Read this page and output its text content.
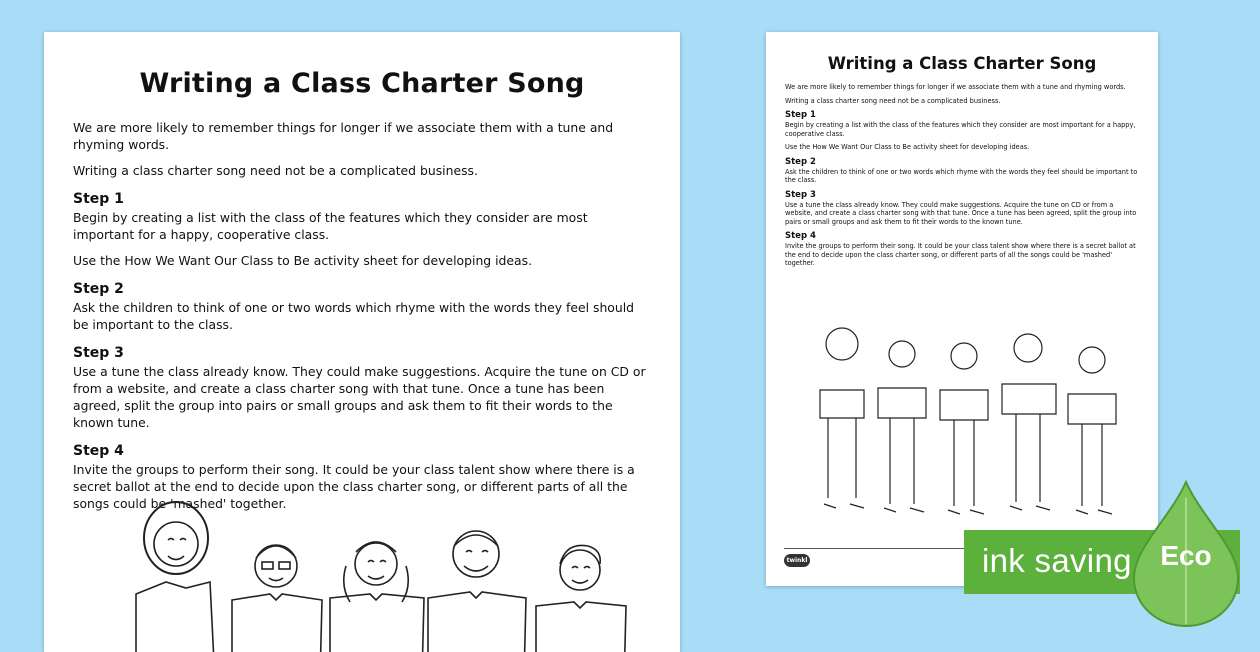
Writing a Class Charter Song

We are more likely to remember things for longer if we associate them with a tune and rhyming words.

Writing a class charter song need not be a complicated business.

Step 1

Begin by creating a list with the class of the features which they consider are most important for a happy, cooperative class.

Use the How We Want Our Class to Be activity sheet for developing ideas.

Step 2

Ask the children to think of one or two words which rhyme with the words they feel should be important to the class.

Step 3

Use a tune the class already know. They could make suggestions. Acquire the tune on CD or from a website, and create a class charter song with that tune. Once a tune has been agreed, split the group into pairs or small groups and ask them to fit their words to the known tune.

Step 4

Invite the groups to perform their song. It could be your class talent show where there is a secret ballot at the end to decide upon the class charter song, or different parts of all the songs could be 'mashed' together.

Writing a Class Charter Song

We are more likely to remember things for longer if we associate them with a tune and rhyming words.

Writing a class charter song need not be a complicated business.

Step 1

Begin by creating a list with the class of the features which they consider are most important for a happy, cooperative class.

Use the How We Want Our Class to Be activity sheet for developing ideas.

Step 2

Ask the children to think of one or two words which rhyme with the words they feel should be important to the class.

Step 3

Use a tune the class already know. They could make suggestions. Acquire the tune on CD or from a website, and create a class charter song with that tune. Once a tune has been agreed, split the group into pairs or small groups and ask them to fit their words to the known tune.

Step 4

Invite the groups to perform their song. It could be your class talent show where there is a secret ballot at the end to decide upon the class charter song, or different parts of all the songs could be 'mashed' together.

twinkl	ink saving	Eco
